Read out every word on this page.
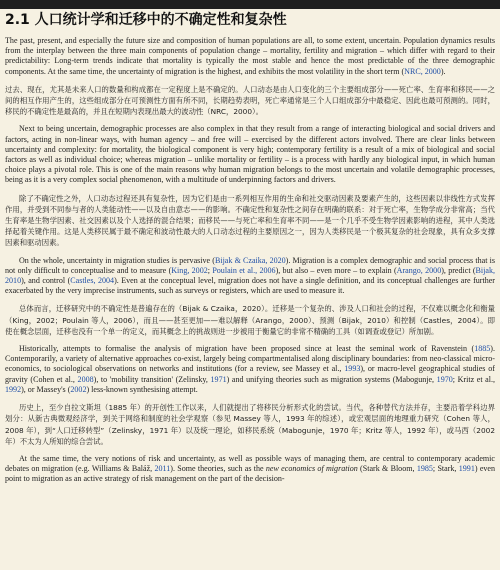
2.1 人口统计学和迁移中的不确定性和复杂性

The past, present, and especially the future size and composition of human populations are all, to some extent, uncertain. Population dynamics results from the interplay between the three main components of population change – mortality, fertility and migration – which differ with regard to their predictability: Long-term trends indicate that mortality is typically the most stable and hence the most predictable of the three demographic components. At the same time, the uncertainty of migration is the highest, and exhibits the most volatility in the short term (NRC, 2000).

过去、现在，尤其是未来人口的数量和构成都在一定程度上是不确定的。人口动态是由人口变化的三个主要组成部分——死亡率、生育率和移民——之间的相互作用产生的，这些组成部分在可预测性方面有所不同，长期趋势表明，死亡率通常是三个人口组成部分中最稳定、因此也最可预测的。同时，移民的不确定性是最高的，并且在短期内表现出最大的波动性（NRC，2000）。

Next to being uncertain, demographic processes are also complex in that they result from a range of interacting biological and social drivers and factors, acting in non-linear ways, with human agency – and free will – exercised by the different actors involved. There are clear links between uncertainty and complexity: for mortality, the biological component is very high; contemporary fertility is a result of a mix of biological and social factors as well as individual choice; whereas migration – unlike mortality or fertility – is a process with hardly any biological input, in which human choice plays a pivotal role. This is one of the main reasons why human migration belongs to the most uncertain and volatile demographic processes, being as it is a very complex social phenomenon, with a multitude of underpinning factors and drivers.

除了不确定性之外，人口动态过程还具有复杂性，因为它们是由一系列相互作用的生命和社交驱动因素及要素产生的，这些因素以非线性方式发挥作用，并受到不同参与者的人类能动性——以及自由意志——的影响。不确定性和复杂性之间存在明确的联系：对于死亡率，生物学成分非常高；当代生育率是生物学因素、社交因素以及个人选择的混合结果；而移民——与死亡率和生育率不同——是一个几乎不受生物学因素影响的进程，其中人类选择起着关键作用。这是人类移民属于最不确定和波动性最大的人口动态过程的主要原因之一，因为人类移民是一个极其复杂的社会现象，具有众多支撑因素和驱动因素。

On the whole, uncertainty in migration studies is pervasive (Bijak & Czaika, 2020). Migration is a complex demographic and social process that is not only difficult to conceptualise and to measure (King, 2002; Poulain et al., 2006), but also – even more – to explain (Arango, 2000), predict (Bijak, 2010), and control (Castles, 2004). Even at the conceptual level, migration does not have a single definition, and its conceptual challenges are further exacerbated by the very imprecise instruments, such as surveys or registers, which are used to measure it.

总体而言，迁移研究中的不确定性是普遍存在的（Bijak & Czaika，2020）。迁移是一个复杂的、涉及人口和社会的过程，不仅难以概念化和衡量（King，2002；Poulain 等人，2006），而且——甚至更加——难以解释（Arango，2000）、预测（Bijak，2010）和控制（Castles，2004）。即使在概念层面，迁移也没有一个单一的定义，而其概念上的挑战则进一步被用于衡量它的非常不精确的工具（如调查或登记）所加剧。

Historically, attempts to formalise the analysis of migration have been proposed since at least the seminal work of Ravenstein (1885). Contemporarily, a variety of alternative approaches co-exist, largely being compartmentalised along disciplinary boundaries: from neo-classical micro-economics, to sociological observations on networks and institutions (for a review, see Massey et al., 1993), or macro-level geographical studies of gravity (Cohen et al., 2008), to 'mobility transition' (Zelinsky, 1971) and unifying theories such as migration systems (Mabogunje, 1970; Kritz et al., 1992), or Massey's (2002) less-known synthesising attempt.

历史上，至少自拉文斯坦（1885 年）的开创性工作以来，人们就提出了将移民分析形式化的尝试。当代，各种替代方法并存，主要沿着学科边界划分：从新古典微观经济学，到关于网络和制度的社会学观察（参见 Massey 等人，1993 年的综述），或宏观层面的地理重力研究（Cohen 等人，2008 年），到“人口迁移转型”（Zelinsky，1971 年）以及统一理论，如移民系统（Mabogunje，1970 年；Kritz 等人，1992 年），或马西（2002 年）不太为人所知的综合尝试。

At the same time, the very notions of risk and uncertainty, as well as possible ways of managing them, are central to contemporary academic debates on migration (e.g. Williams & Baláž, 2011). Some theories, such as the new economics of migration (Stark & Bloom, 1985; Stark, 1991) even point to migration as an active strategy of risk management on the part of the decision-
